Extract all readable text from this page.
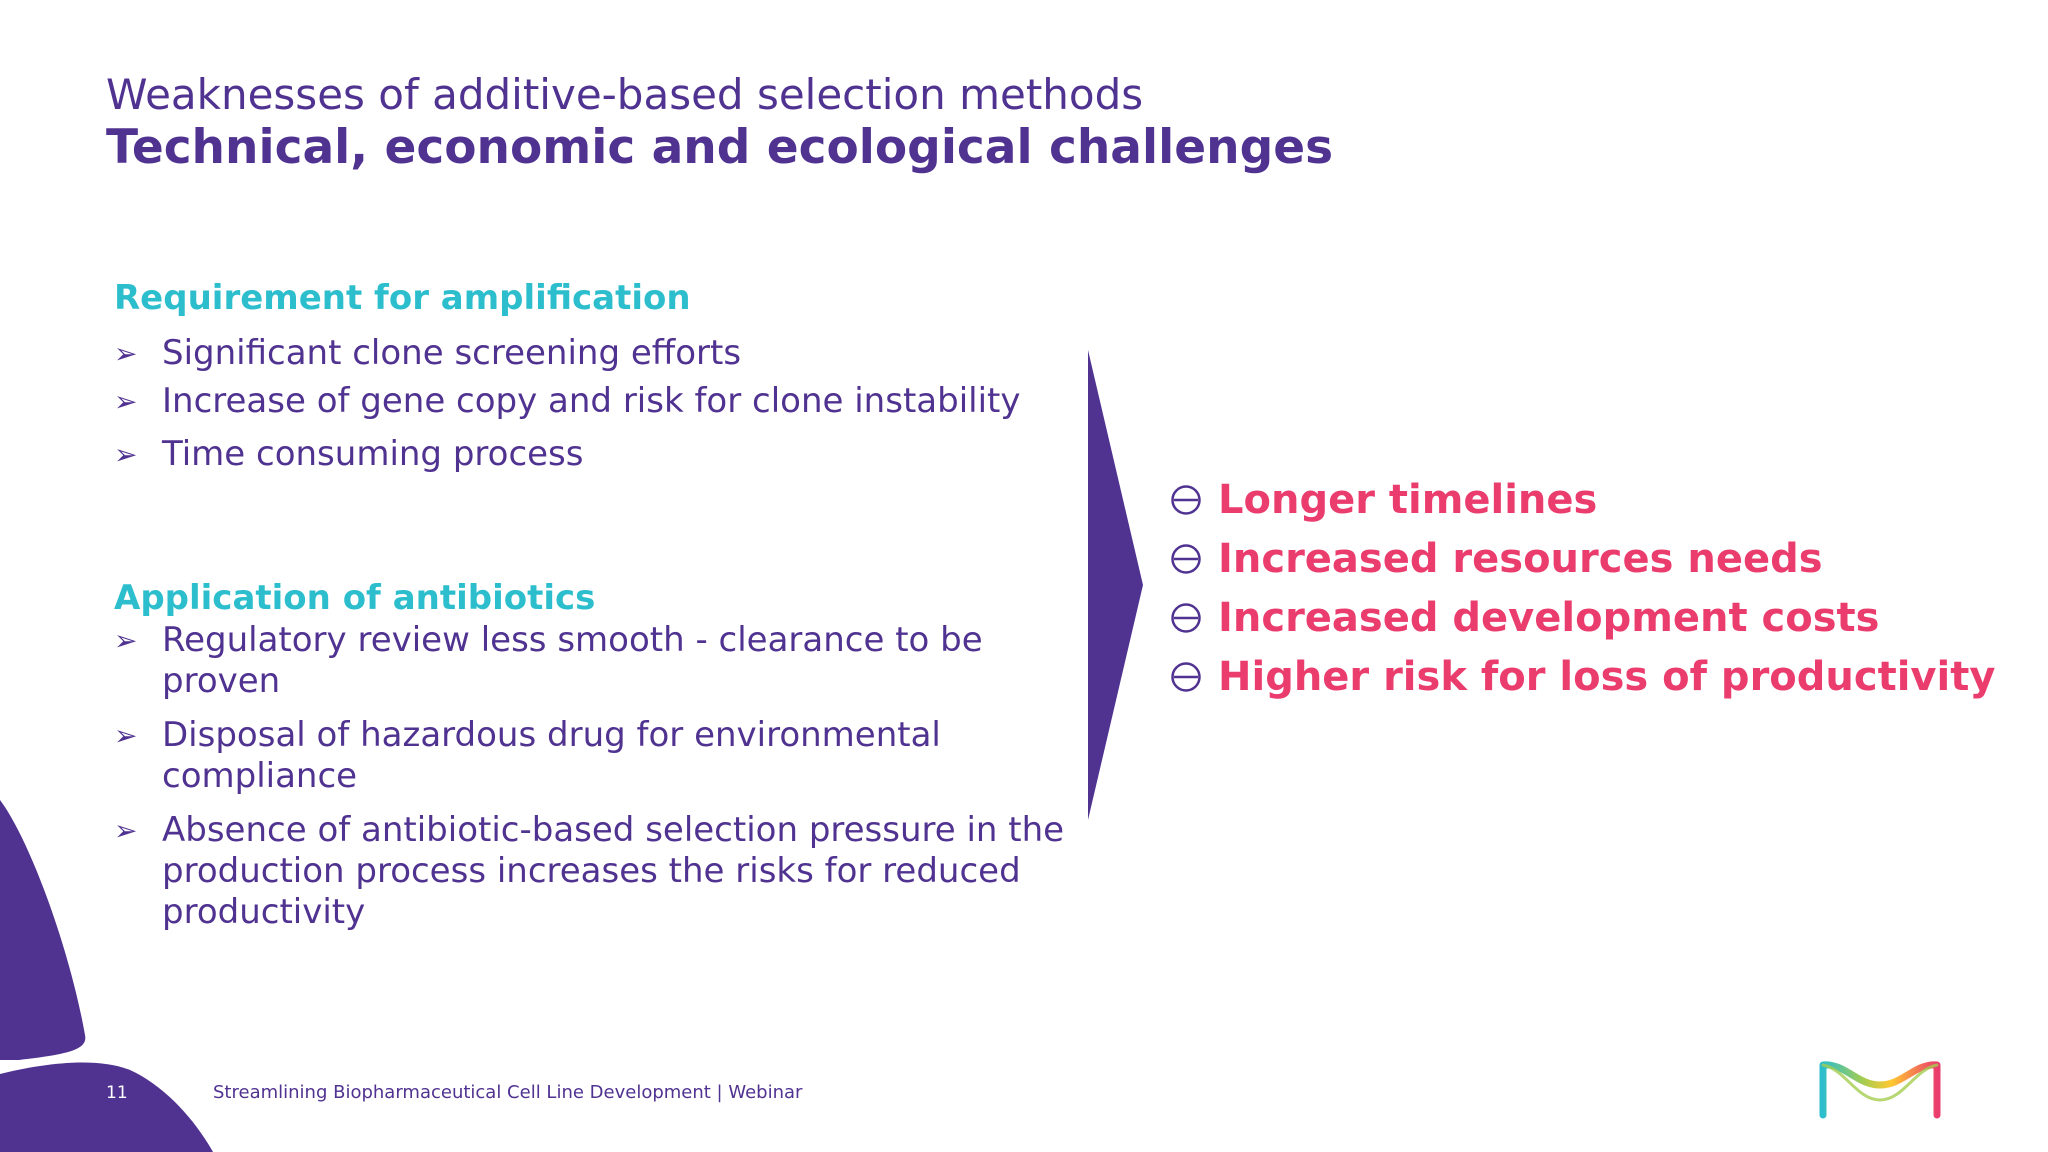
Weaknesses of additive-based selection methods
Technical, economic and ecological challenges
Requirement for amplification
➢ Significant clone screening efforts
➢ Increase of gene copy and risk for clone instability
➢ Time consuming process
Application of antibiotics
➢ Regulatory review less smooth - clearance to be proven
➢ Disposal of hazardous drug for environmental compliance
➢ Absence of antibiotic-based selection pressure in the production process increases the risks for reduced productivity
Longer timelines
Increased resources needs
Increased development costs
Higher risk for loss of productivity
11	Streamlining Biopharmaceutical Cell Line Development | Webinar
